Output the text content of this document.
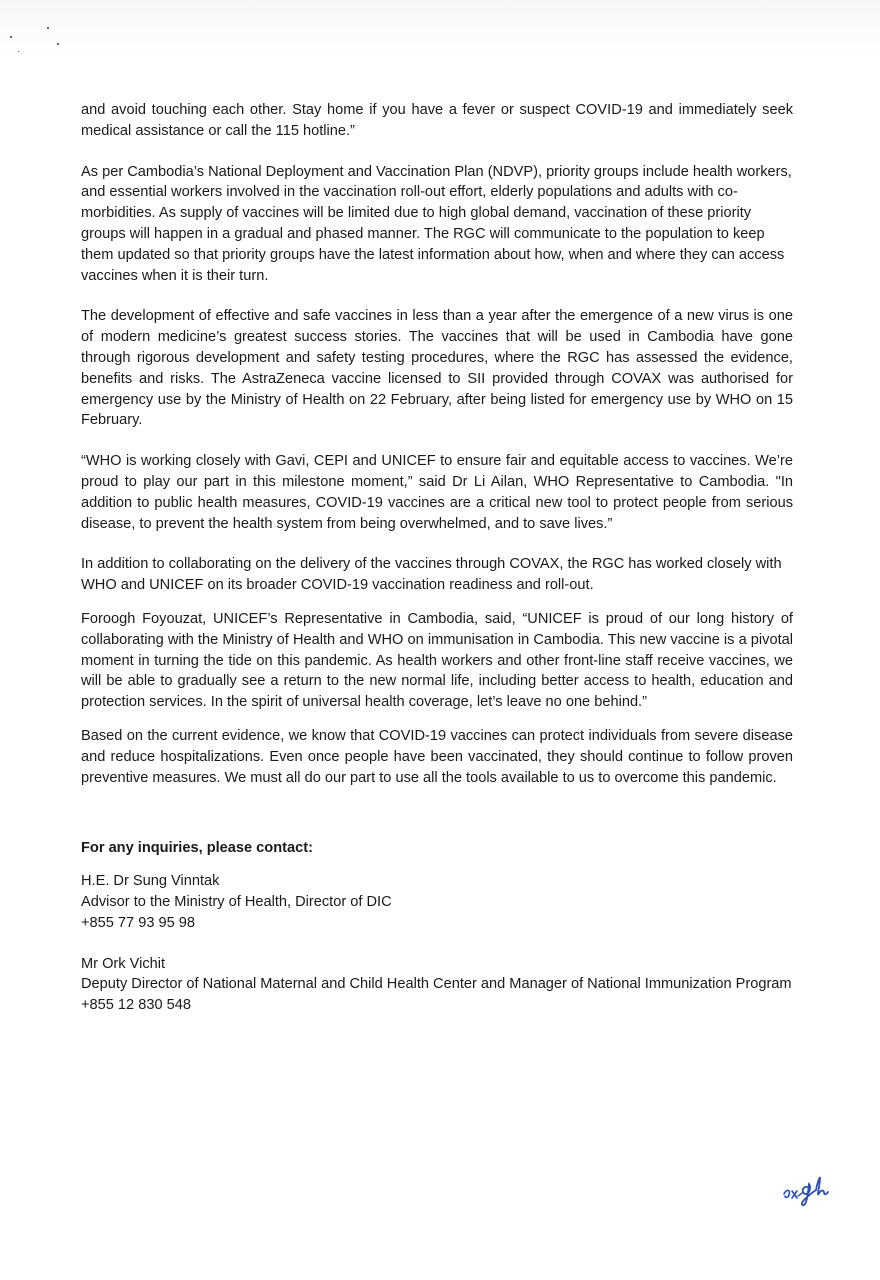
and avoid touching each other. Stay home if you have a fever or suspect COVID-19 and immediately seek medical assistance or call the 115 hotline.”

As per Cambodia’s National Deployment and Vaccination Plan (NDVP), priority groups include health workers, and essential workers involved in the vaccination roll-out effort, elderly populations and adults with co-morbidities. As supply of vaccines will be limited due to high global demand, vaccination of these priority groups will happen in a gradual and phased manner. The RGC will communicate to the population to keep them updated so that priority groups have the latest information about how, when and where they can access vaccines when it is their turn.

The development of effective and safe vaccines in less than a year after the emergence of a new virus is one of modern medicine’s greatest success stories. The vaccines that will be used in Cambodia have gone through rigorous development and safety testing procedures, where the RGC has assessed the evidence, benefits and risks. The AstraZeneca vaccine licensed to SII provided through COVAX was authorised for emergency use by the Ministry of Health on 22 February, after being listed for emergency use by WHO on 15 February.

“WHO is working closely with Gavi, CEPI and UNICEF to ensure fair and equitable access to vaccines. We’re proud to play our part in this milestone moment,” said Dr Li Ailan, WHO Representative to Cambodia. "In addition to public health measures, COVID-19 vaccines are a critical new tool to protect people from serious disease, to prevent the health system from being overwhelmed, and to save lives.”

In addition to collaborating on the delivery of the vaccines through COVAX, the RGC has worked closely with WHO and UNICEF on its broader COVID-19 vaccination readiness and roll-out.

Foroogh Foyouzat, UNICEF’s Representative in Cambodia, said, “UNICEF is proud of our long history of collaborating with the Ministry of Health and WHO on immunisation in Cambodia. This new vaccine is a pivotal moment in turning the tide on this pandemic. As health workers and other front-line staff receive vaccines, we will be able to gradually see a return to the new normal life, including better access to health, education and protection services. In the spirit of universal health coverage, let’s leave no one behind.”

Based on the current evidence, we know that COVID-19 vaccines can protect individuals from severe disease and reduce hospitalizations. Even once people have been vaccinated, they should continue to follow proven preventive measures. We must all do our part to use all the tools available to us to overcome this pandemic.

For any inquiries, please contact:

H.E. Dr Sung Vinntak
Advisor to the Ministry of Health, Director of DIC
+855 77 93 95 98
Mr Ork Vichit
Deputy Director of National Maternal and Child Health Center and Manager of National Immunization Program
+855 12 830 548
